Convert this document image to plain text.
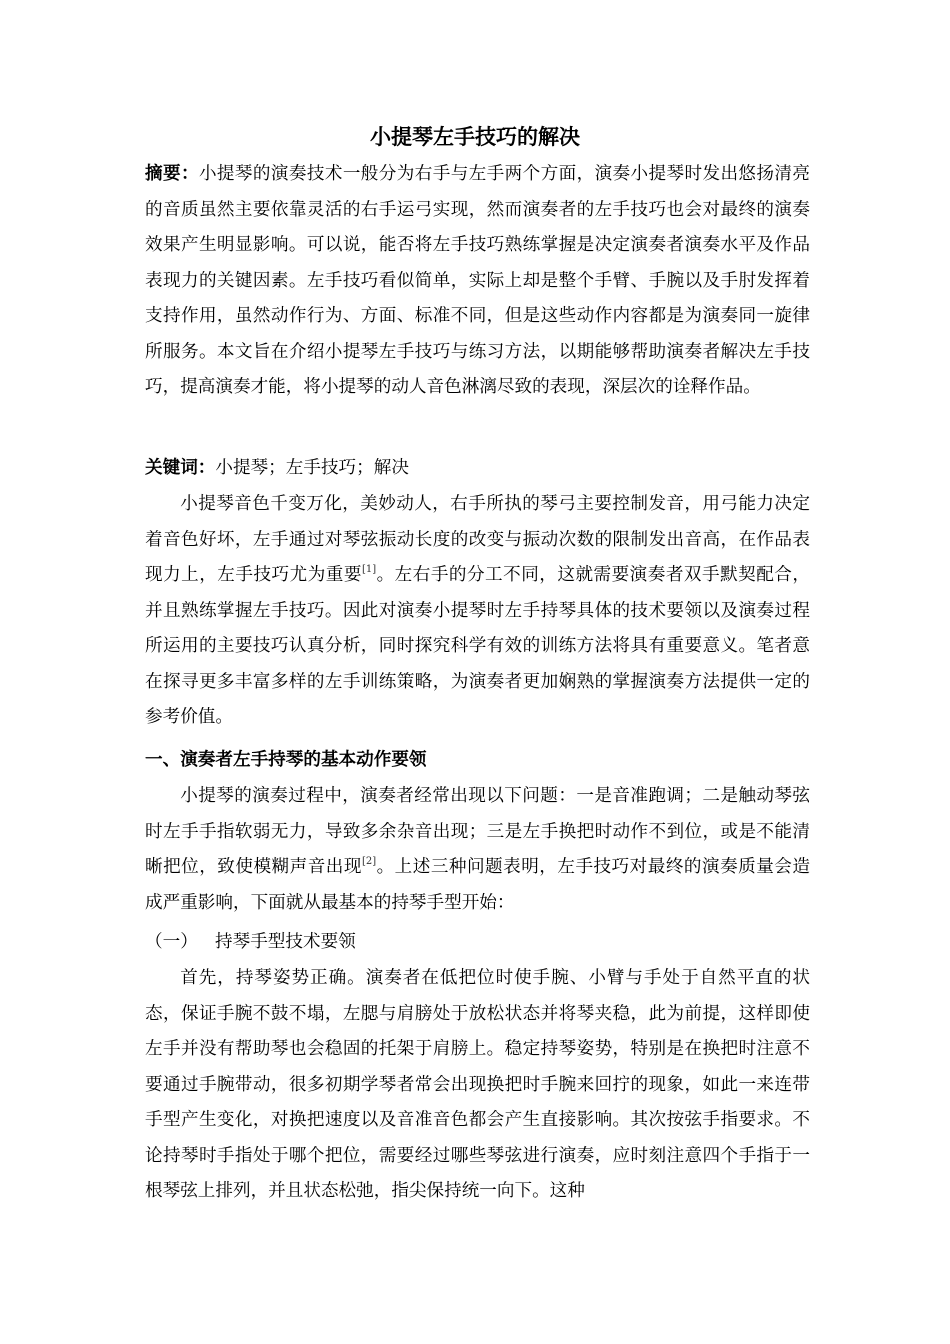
小提琴左手技巧的解决
摘要：小提琴的演奏技术一般分为右手与左手两个方面，演奏小提琴时发出悠扬清亮的音质虽然主要依靠灵活的右手运弓实现，然而演奏者的左手技巧也会对最终的演奏效果产生明显影响。可以说，能否将左手技巧熟练掌握是决定演奏者演奏水平及作品表现力的关键因素。左手技巧看似简单，实际上却是整个手臂、手腕以及手肘发挥着支持作用，虽然动作行为、方面、标准不同，但是这些动作内容都是为演奏同一旋律所服务。本文旨在介绍小提琴左手技巧与练习方法，以期能够帮助演奏者解决左手技巧，提高演奏才能，将小提琴的动人音色淋漓尽致的表现，深层次的诠释作品。
关键词：小提琴；左手技巧；解决
小提琴音色千变万化，美妙动人，右手所执的琴弓主要控制发音，用弓能力决定着音色好坏，左手通过对琴弦振动长度的改变与振动次数的限制发出音高，在作品表现力上，左手技巧尤为重要[1]。左右手的分工不同，这就需要演奏者双手默契配合，并且熟练掌握左手技巧。因此对演奏小提琴时左手持琴具体的技术要领以及演奏过程所运用的主要技巧认真分析，同时探究科学有效的训练方法将具有重要意义。笔者意在探寻更多丰富多样的左手训练策略，为演奏者更加娴熟的掌握演奏方法提供一定的参考价值。
一、演奏者左手持琴的基本动作要领
小提琴的演奏过程中，演奏者经常出现以下问题：一是音准跑调；二是触动琴弦时左手手指软弱无力，导致多余杂音出现；三是左手换把时动作不到位，或是不能清晰把位，致使模糊声音出现[2]。上述三种问题表明，左手技巧对最终的演奏质量会造成严重影响，下面就从最基本的持琴手型开始：
（一） 持琴手型技术要领
首先，持琴姿势正确。演奏者在低把位时使手腕、小臂与手处于自然平直的状态，保证手腕不鼓不塌，左腮与肩膀处于放松状态并将琴夹稳，此为前提，这样即使左手并没有帮助琴也会稳固的托架于肩膀上。稳定持琴姿势，特别是在换把时注意不要通过手腕带动，很多初期学琴者常会出现换把时手腕来回拧的现象，如此一来连带手型产生变化，对换把速度以及音准音色都会产生直接影响。其次按弦手指要求。不论持琴时手指处于哪个把位，需要经过哪些琴弦进行演奏，应时刻注意四个手指于一根琴弦上排列，并且状态松弛，指尖保持统一向下。这种
